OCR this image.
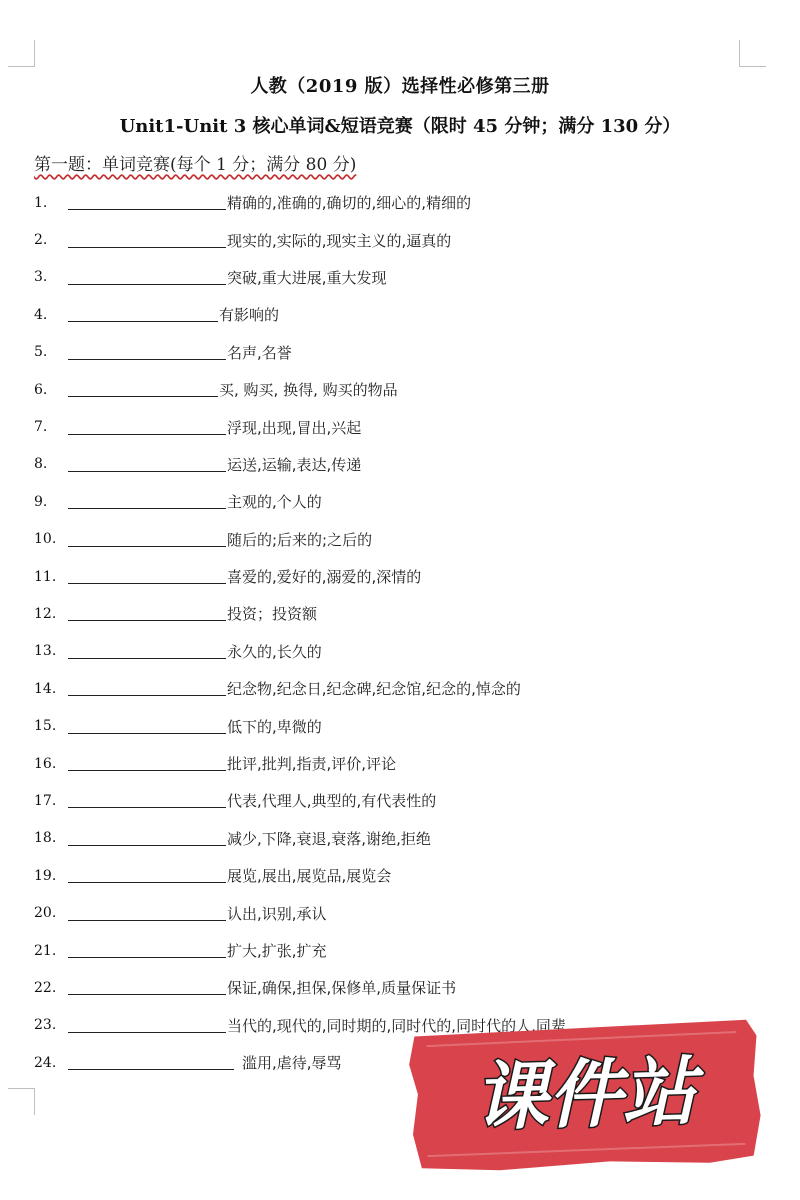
人教（2019 版）选择性必修第三册
Unit1-Unit 3 核心单词&短语竞赛（限时 45 分钟；满分 130 分）
第一题：单词竞赛(每个 1 分；满分 80 分)
1.	精确的,准确的,确切的,细心的,精细的
2.	现实的,实际的,现实主义的,逼真的
3.	突破,重大进展,重大发现
4.	有影响的
5.	名声,名誉
6.	买, 购买, 换得, 购买的物品
7.	浮现,出现,冒出,兴起
8.	运送,运输,表达,传递
9.	主观的,个人的
10.	随后的;后来的;之后的
11.	喜爱的,爱好的,溺爱的,深情的
12.	投资；投资额
13.	永久的,长久的
14.	纪念物,纪念日,纪念碑,纪念馆,纪念的,悼念的
15.	低下的,卑微的
16.	批评,批判,指责,评价,评论
17.	代表,代理人,典型的,有代表性的
18.	减少,下降,衰退,衰落,谢绝,拒绝
19.	展览,展出,展览品,展览会
20.	认出,识别,承认
21.	扩大,扩张,扩充
22.	保证,确保,担保,保修单,质量保证书
23.	当代的,现代的,同时期的,同时代的,同时代的人,同辈
24.	滥用,虐待,辱骂 课件站
